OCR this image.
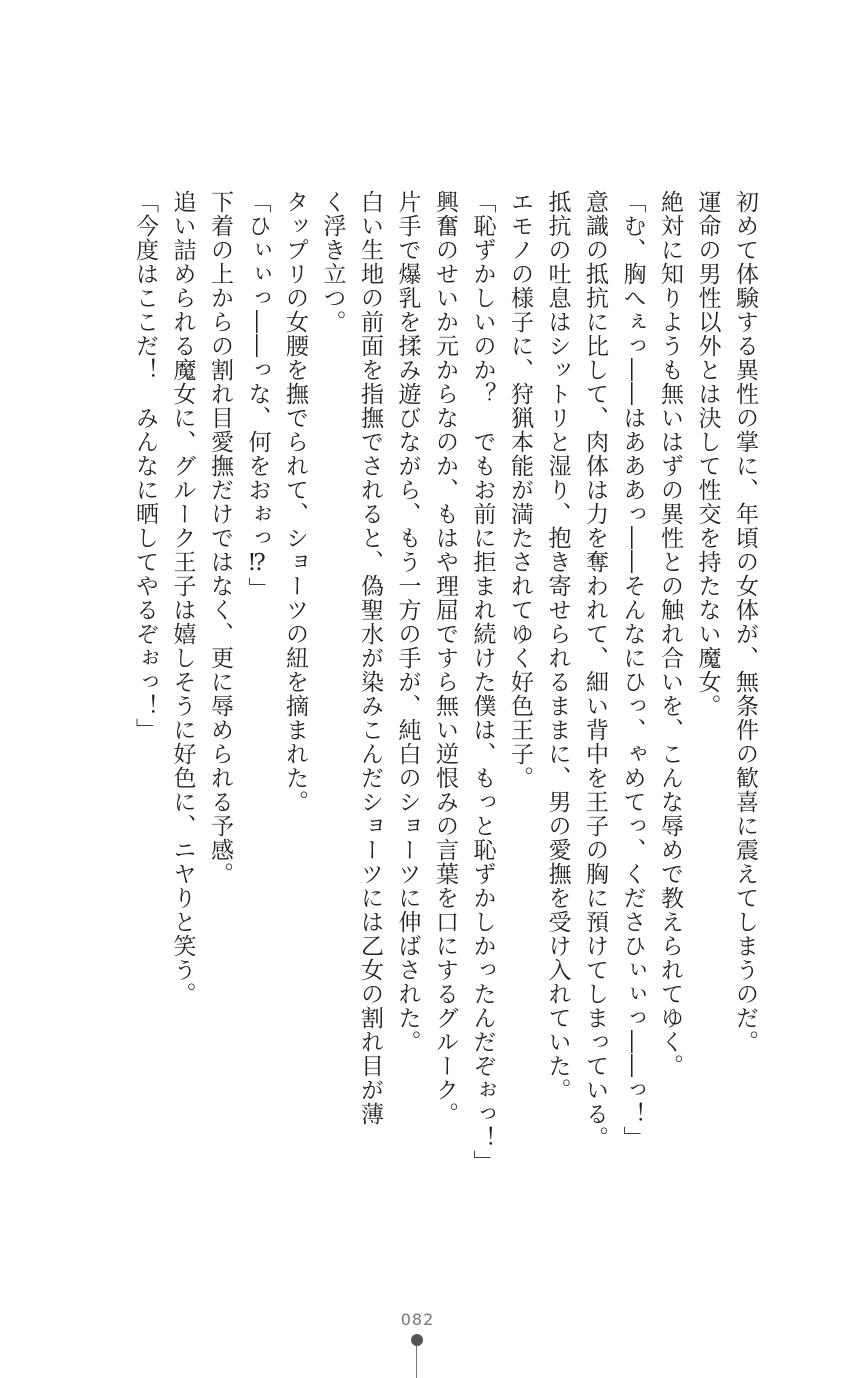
初めて体験する異性の掌に、年頃の女体が、無条件の歓喜に震えてしまうのだ。
運命の男性以外とは決して性交を持たない魔女。
絶対に知りようも無いはずの異性との触れ合いを、こんな辱めで教えられてゆく。
「む、胸へぇっ――はあああっ――そんなにひっ、ゃめてっ、くださひぃぃっ――っ！」
意識の抵抗に比して、肉体は力を奪われて、細い背中を王子の胸に預けてしまっている。
抵抗の吐息はシットリと湿り、抱き寄せられるままに、男の愛撫を受け入れていた。
エモノの様子に、狩猟本能が満たされてゆく好色王子。
「恥ずかしいのか？　でもお前に拒まれ続けた僕は、もっと恥ずかしかったんだぞぉっ！」
興奮のせいか元からなのか、もはや理屈ですら無い逆恨みの言葉を口にするグルーク。
片手で爆乳を揉み遊びながら、もう一方の手が、純白のショーツに伸ばされた。
白い生地の前面を指撫でされると、偽聖水が染みこんだショーツには乙女の割れ目が薄
く浮き立つ。
タップリの女腰を撫でられて、ショーツの紐を摘まれた。
「ひぃぃっ――っな、何をおぉっ⁉」
下着の上からの割れ目愛撫だけではなく、更に辱められる予感。
追い詰められる魔女に、グルーク王子は嬉しそうに好色に、ニヤりと笑う。
「今度はここだ！　みんなに晒してやるぞぉっ！」
082
